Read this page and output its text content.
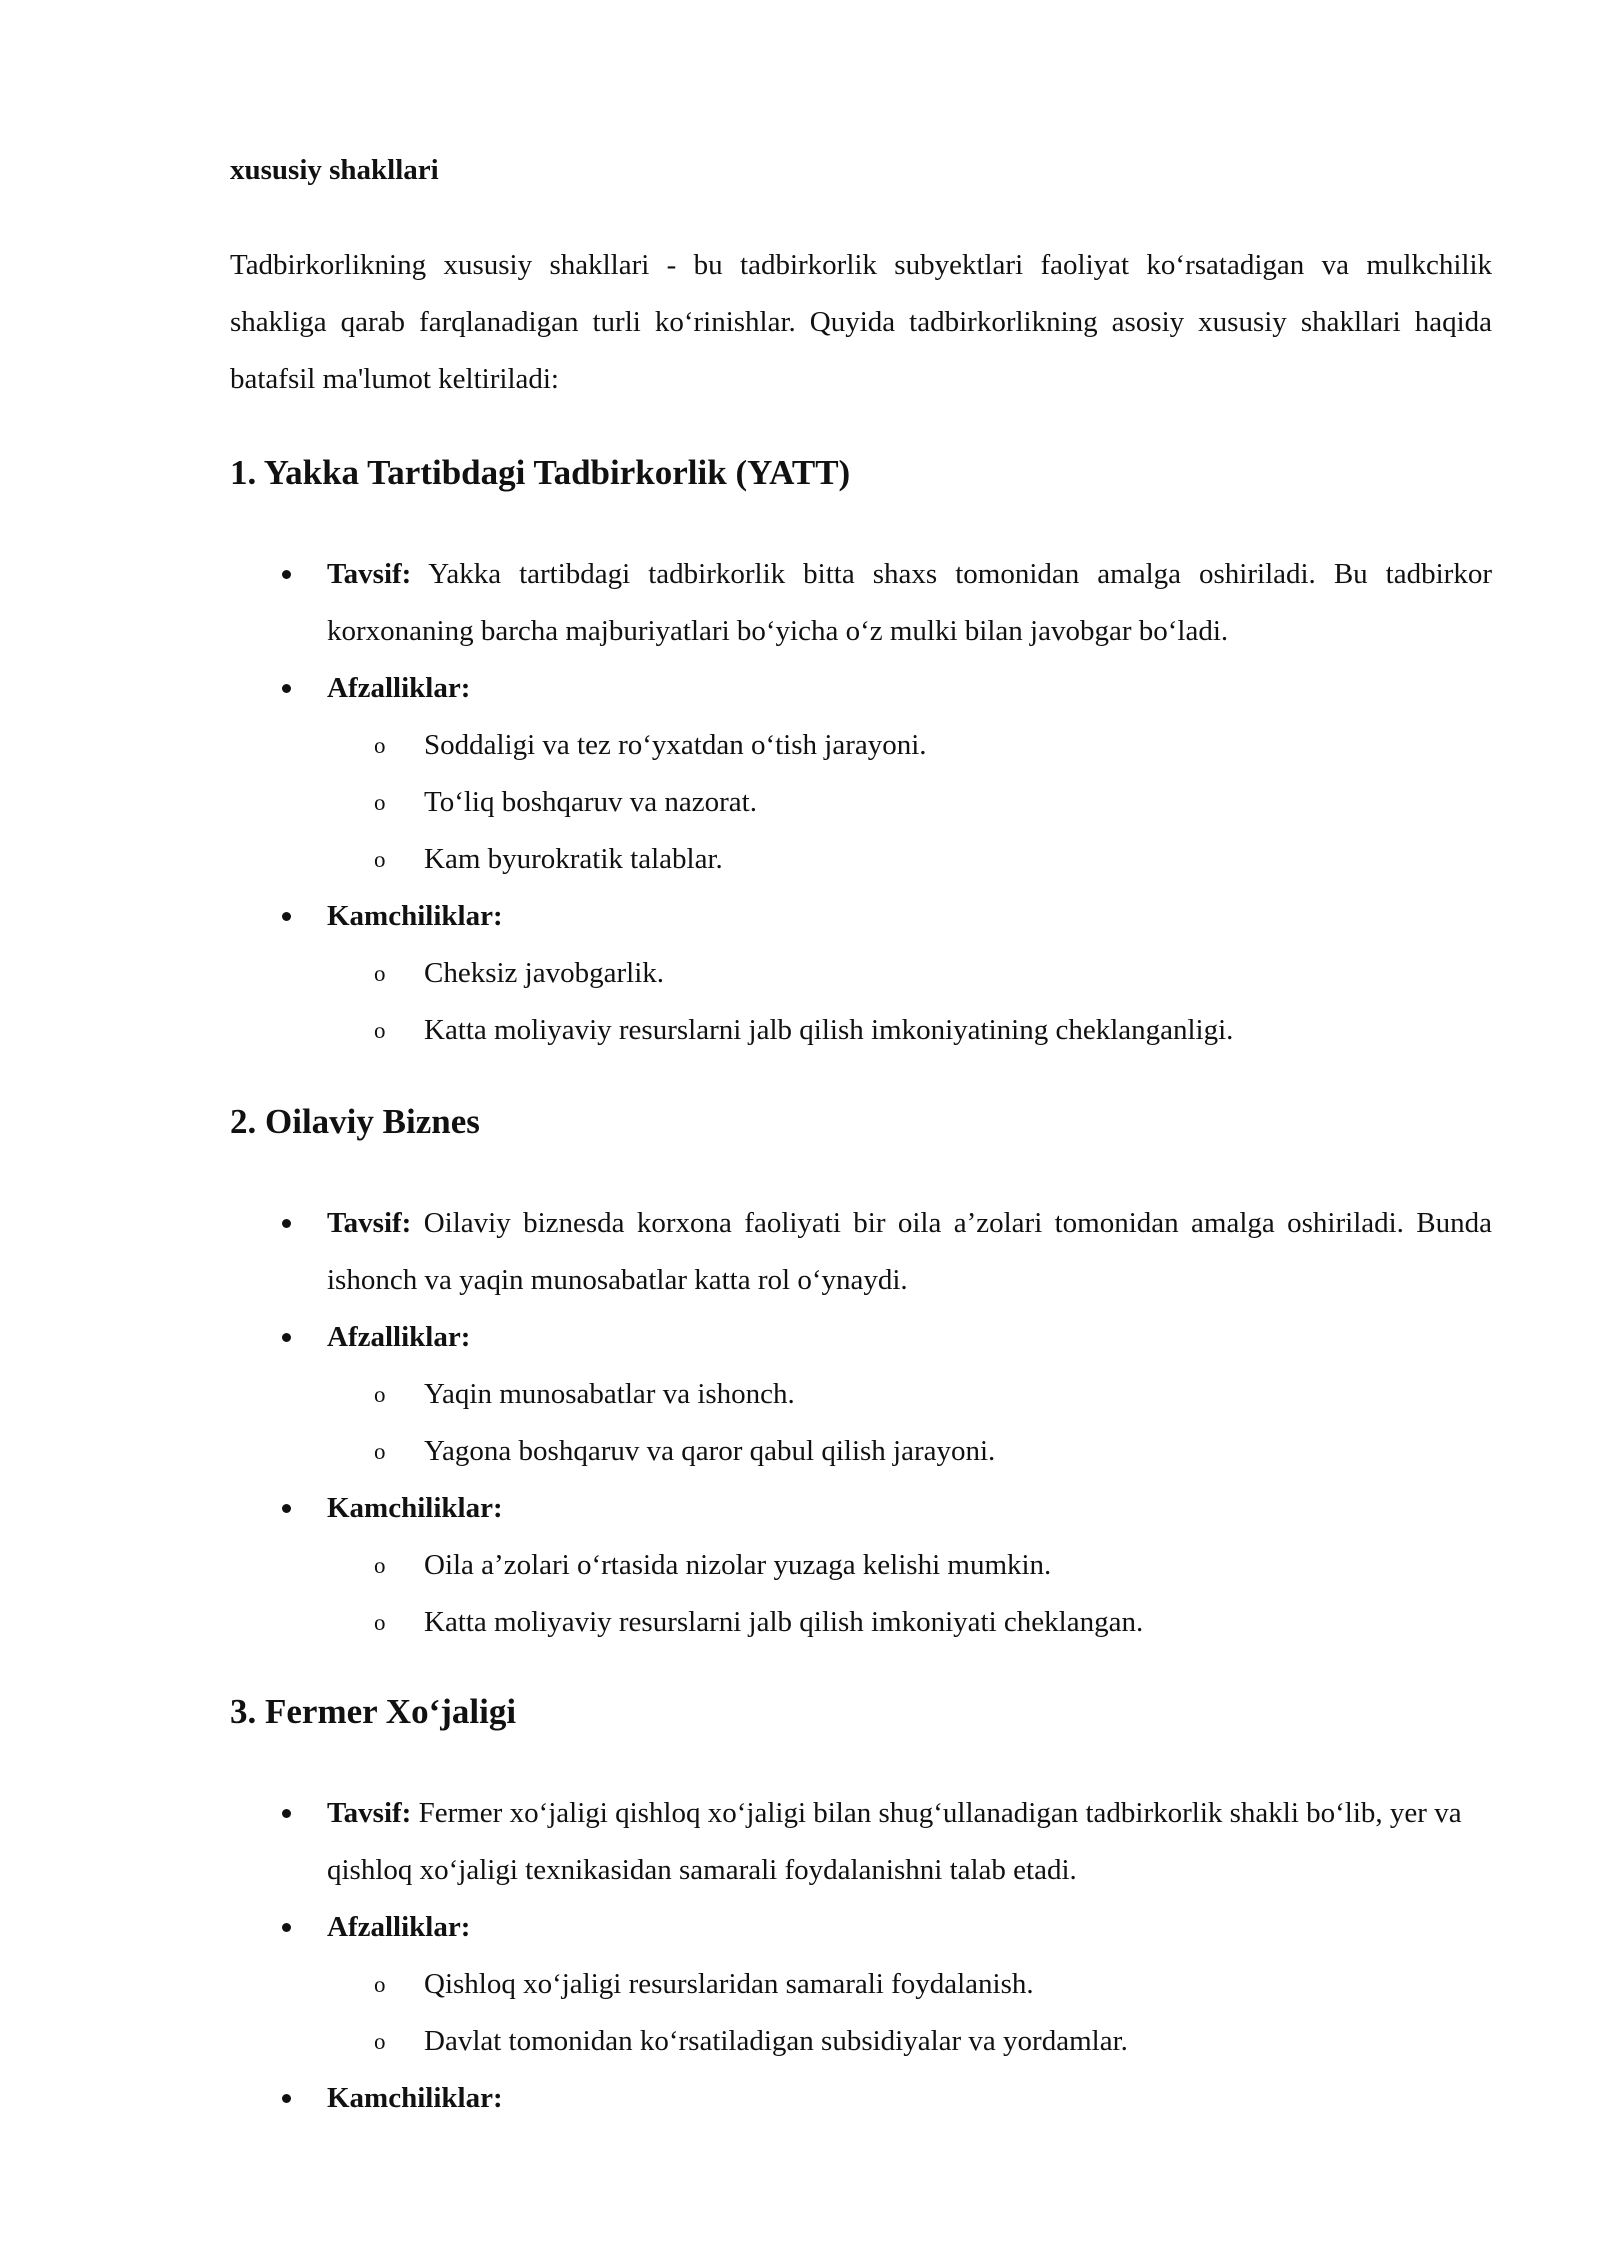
xususiy shakllari

Tadbirkorlikning xususiy shakllari - bu tadbirkorlik subyektlari faoliyat koʻrsatadigan va mulkchilik shakliga qarab farqlanadigan turli koʻrinishlar. Quyida tadbirkorlikning asosiy xususiy shakllari haqida batafsil ma'lumot keltiriladi:

1. Yakka Tartibdagi Tadbirkorlik (YATT)
Tavsif: Yakka tartibdagi tadbirkorlik bitta shaxs tomonidan amalga oshiriladi. Bu tadbirkor korxonaning barcha majburiyatlari boʻyicha oʻz mulki bilan javobgar boʻladi.
Afzalliklar:
o Soddaligi va tez roʻyxatdan oʻtish jarayoni.
o Toʻliq boshqaruv va nazorat.
o Kam byurokratik talablar.
Kamchiliklar:
o Cheksiz javobgarlik.
o Katta moliyaviy resurslarni jalb qilish imkoniyatining cheklanganligi.
2. Oilaviy Biznes
Tavsif: Oilaviy biznesda korxona faoliyati bir oila a’zolari tomonidan amalga oshiriladi. Bunda ishonch va yaqin munosabatlar katta rol oʻynaydi.
Afzalliklar:
o Yaqin munosabatlar va ishonch.
o Yagona boshqaruv va qaror qabul qilish jarayoni.
Kamchiliklar:
o Oila a’zolari oʻrtasida nizolar yuzaga kelishi mumkin.
o Katta moliyaviy resurslarni jalb qilish imkoniyati cheklangan.
3. Fermer Xoʻjaligi
Tavsif: Fermer xoʻjaligi qishloq xoʻjaligi bilan shugʻullanadigan tadbirkorlik shakli boʻlib, yer va qishloq xoʻjaligi texnikasidan samarali foydalanishni talab etadi.
Afzalliklar:
o Qishloq xoʻjaligi resurslaridan samarali foydalanish.
o Davlat tomonidan koʻrsatiladigan subsidiyalar va yordamlar.
Kamchiliklar:
